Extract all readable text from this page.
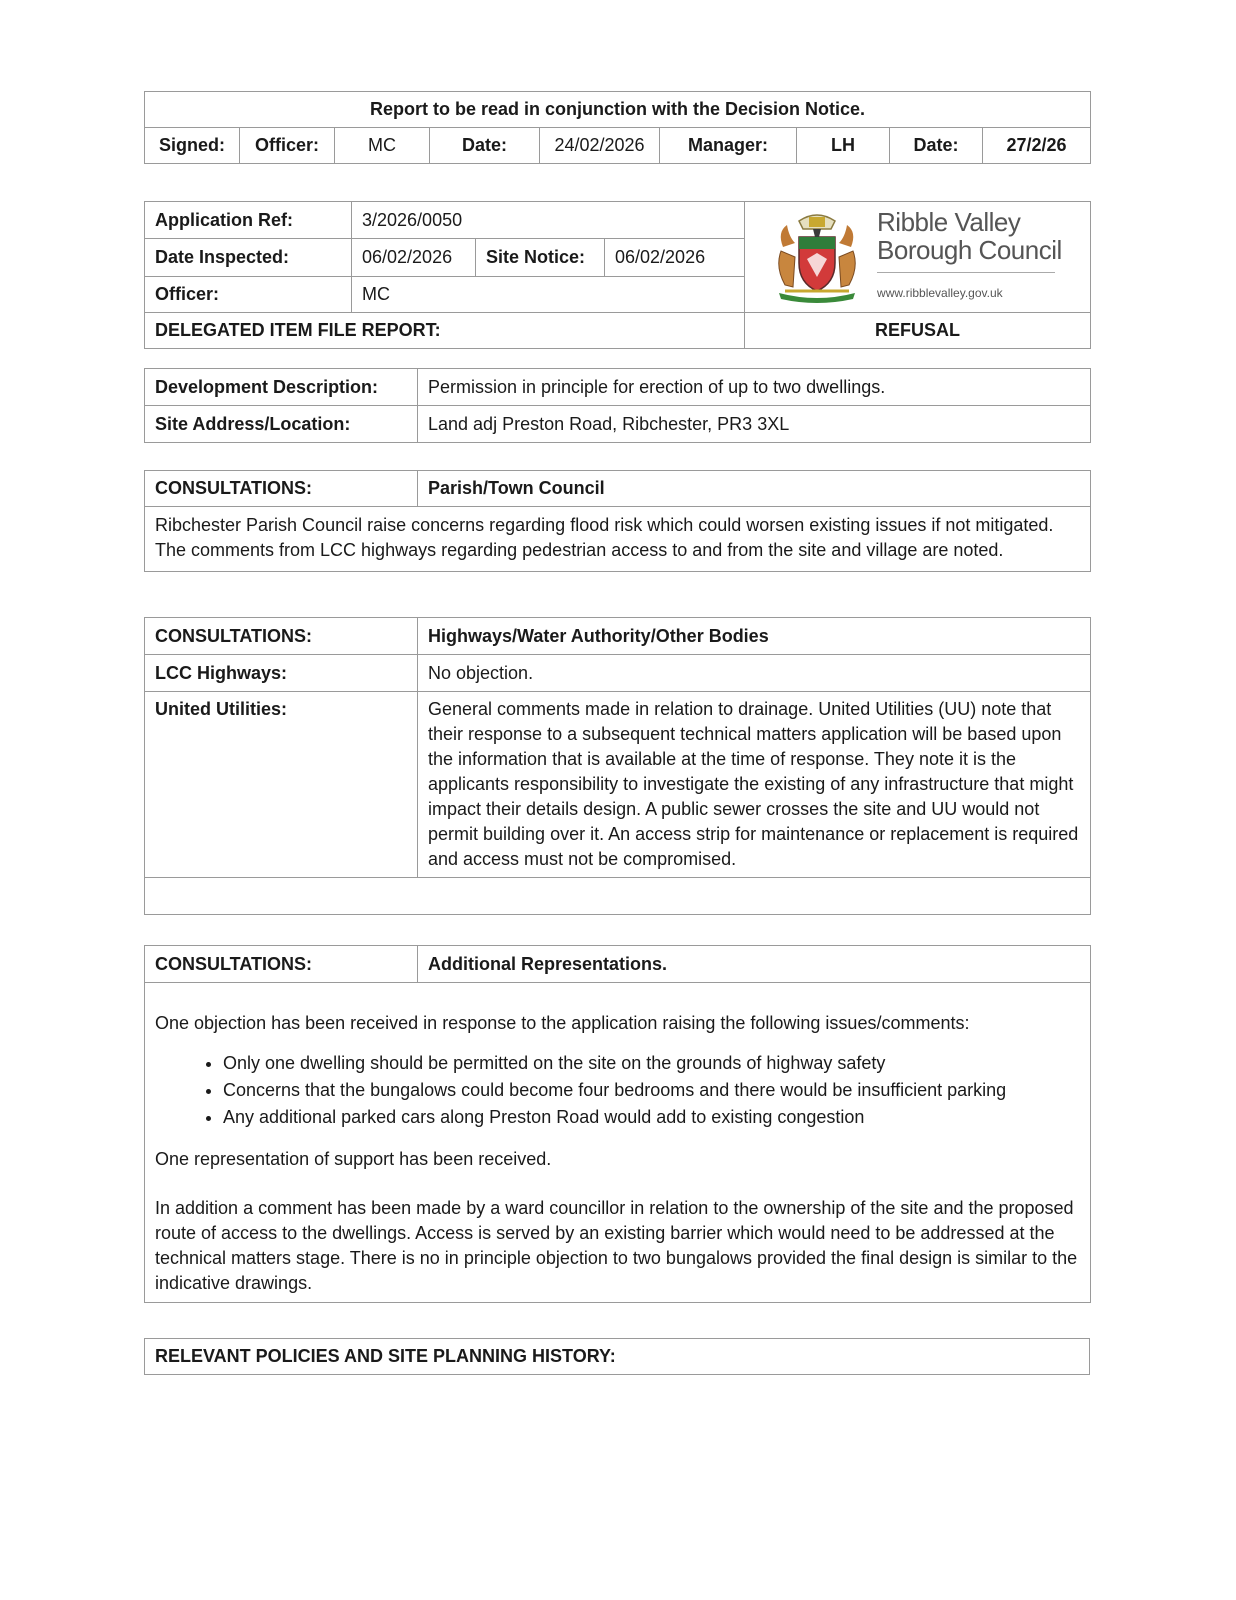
Report to be read in conjunction with the Decision Notice.
Signed:	Officer:	MC	Date:	24/02/2026	Manager:	LH	Date:	27/2/26
Application Ref:	3/2026/0050			Ribble Valley
Borough Council
www.ribblevalley.gov.uk

Date Inspected:	06/02/2026	Site Notice:	06/02/2026	
Officer:	MC			
DELEGATED ITEM FILE REPORT:				REFUSAL
Development Description:	Permission in principle for erection of up to two dwellings.
Site Address/Location:	Land adj Preston Road, Ribchester, PR3 3XL
CONSULTATIONS:	Parish/Town Council
Ribchester Parish Council raise concerns regarding flood risk which could worsen existing issues if not mitigated. The comments from LCC highways regarding pedestrian access to and from the site and village are noted.
CONSULTATIONS:	Highways/Water Authority/Other Bodies
LCC Highways:	No objection.
United Utilities:	General comments made in relation to drainage. United Utilities (UU) note that their response to a subsequent technical matters application will be based upon the information that is available at the time of response. They note it is the applicants responsibility to investigate the existing of any infrastructure that might impact their details design. A public sewer crosses the site and UU would not permit building over it. An access strip for maintenance or replacement is required and access must not be compromised.

CONSULTATIONS:	Additional Representations.

One objection has been received in response to the application raising the following issues/comments:

• Only one dwelling should be permitted on the site on the grounds of highway safety
• Concerns that the bungalows could become four bedrooms and there would be insufficient parking
• Any additional parked cars along Preston Road would add to existing congestion

One representation of support has been received.

In addition a comment has been made by a ward councillor in relation to the ownership of the site and the proposed route of access to the dwellings. Access is served by an existing barrier which would need to be addressed at the technical matters stage. There is no in principle objection to two bungalows provided the final design is similar to the indicative drawings.

RELEVANT POLICIES AND SITE PLANNING HISTORY:
